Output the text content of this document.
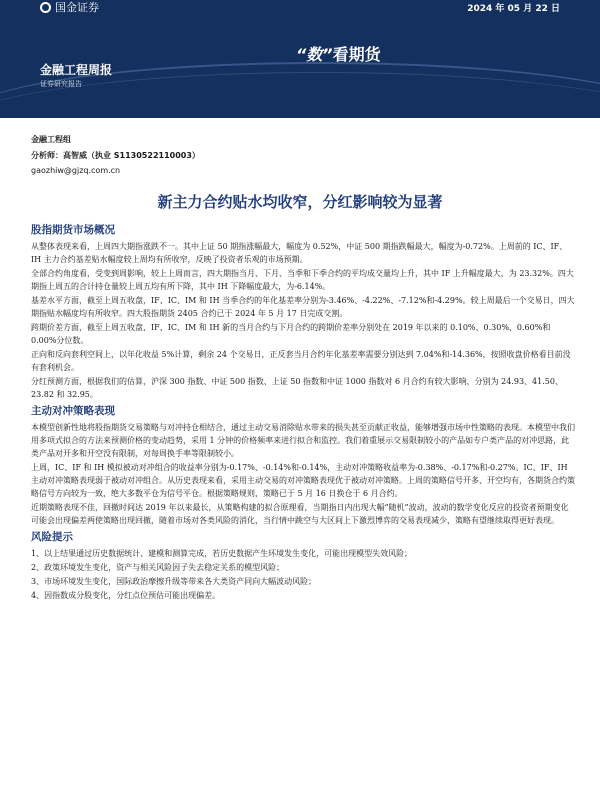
国金证券	2024 年 05 月 22 日
“数”看期货
金融工程周报
证券研究报告
金融工程组
分析师：高智威（执业 S1130522110003）
gaozhiw@gjzq.com.cn
新主力合约贴水均收窄，分红影响较为显著
股指期货市场概况

从整体表现来看，上周四大期指涨跌不一。其中上证 50 期指涨幅最大，幅度为 0.52%，中证 500 期指跌幅最大，幅度为-0.72%。上周前的 IC、IF、IH 主力合约基差贴水幅度较上周均有所收窄，反映了投资者乐观的市场预期。

全部合约角度看，受变到周影响，较上上周而言，四大期指当月、下月、当季和下季合约的平均成交量均上升，其中 IF 上升幅度最大，为 23.32%。四大期指上周五的合计持仓量较上周五均有所下降，其中 IH 下降幅度最大，为-6.14%。

基差水平方面，截至上周五收盘，IF、IC、IM 和 IH 当季合约的年化基差率分别为-3.46%、-4.22%、-7.12%和-4.29%。较上周最后一个交易日，四大期指贴水幅度均有所收窄。四大股指期货 2405 合约已于 2024 年 5 月 17 日完成交割。

跨期价差方面，截至上周五收盘，IF、IC、IM 和 IH 新的当月合约与下月合约的跨期价差率分别处在 2019 年以来的 0.10%、0.30%、0.60%和 0.00%分位数。

正向和反向套利空间上，以年化收益 5%计算，剩余 24 个交易日，正反套当月合约年化基差率需要分别达到 7.04%和-14.36%，按照收盘价格看目前没有套利机会。

分红预测方面，根据我们的估算，沪深 300 指数、中证 500 指数、上证 50 指数和中证 1000 指数对 6 月合约有较大影响，分别为 24.93、41.50、23.82 和 32.95。

主动对冲策略表现

本模型创新性地将股指期货交易策略与对冲持仓相结合，通过主动交易消除贴水带来的损失甚至贡献正收益，能够增强市场中性策略的表现。本模型中我们用多项式拟合的方法来预测价格的变动趋势，采用 1 分钟的价格频率来进行拟合和监控。我们着重展示交易限制较小的产品如专户类产品的对冲思路，此类产品对开多和开空没有限制，对每周换手率等限制较小。

上周，IC、IF 和 IH 模拟被动对冲组合的收益率分别为-0.17%、-0.14%和-0.14%，主动对冲策略收益率为-0.38%、-0.17%和-0.27%。IC、IF、IH 主动对冲策略表现弱于被动对冲组合。从历史表现来看，采用主动交易的对冲策略表现优于被动对冲策略。上周的策略信号开多、开空均有，各期货合约策略信号方向较为一致，绝大多数平仓为信号平仓。根据策略规则，策略已于 5 月 16 日换仓于 6 月合约。

近期策略表现不佳，回撤时间达 2019 年以来最长，从策略构建的拟合原理看，当期指日内出现大幅“随机”波动，波动的数学变化反应的投资者预期变化可能会出现偏差两使策略出现回撤，随着市场对各类风险的消化，当行情中跳空与大区间上下激烈博弈的交易表现减少，策略有望继续取得更好表现。

风险提示

1、以上结果通过历史数据统计、建模和测算完成，若历史数据产生环境发生变化，可能出现模型失效风险；

2、政策环境发生变化，资产与相关风险因子失去稳定关系的模型风险；

3、市场环境发生变化，国际政治摩擦升级等带来各大类资产同向大幅波动风险；

4、因指数成分股变化，分红点位预估可能出现偏差。
